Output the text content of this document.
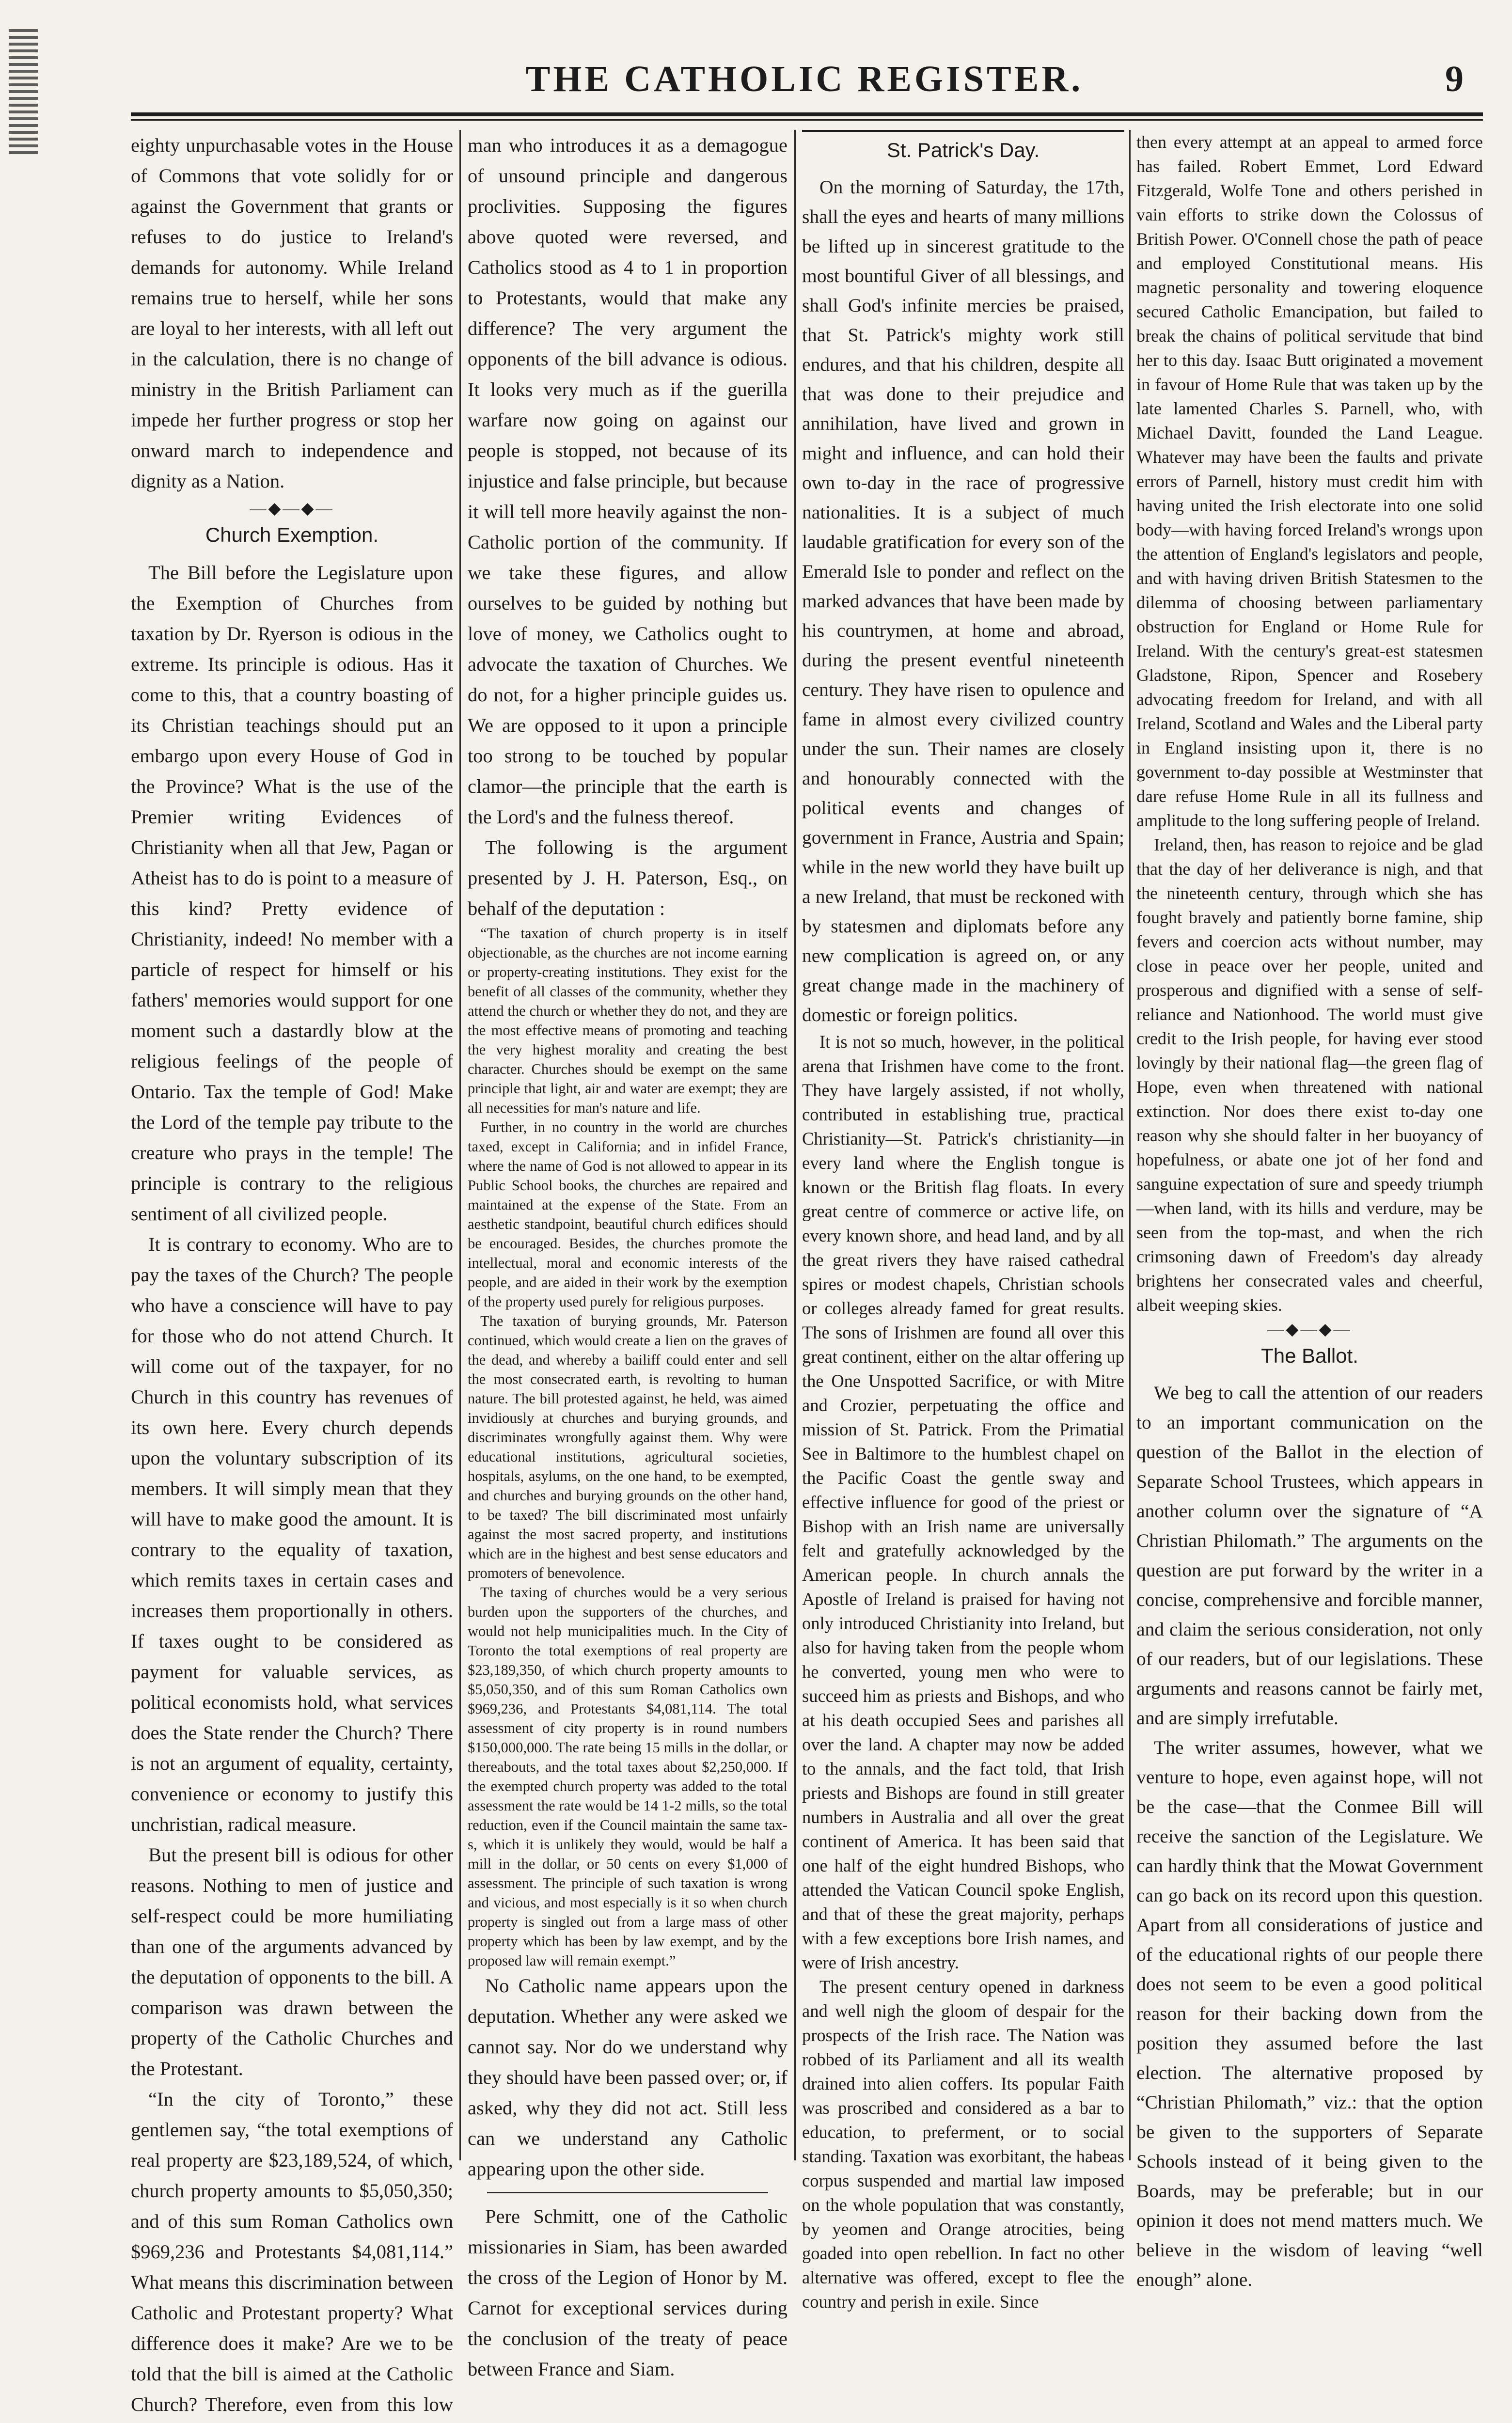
THE CATHOLIC REGISTER.	9

eighty unpurchasable votes in the House of Commons that vote solidly for or against the Government that grants or refuses to do justice to Ireland's demands for autonomy. While Ireland remains true to herself, while her sons are loyal to her interests, with all left out in the calculation, there is no change of ministry in the British Parliament can impede her further progress or stop her onward march to independence and dignity as a Nation.

—◆—◆—
Church Exemption.

The Bill before the Legislature upon the Exemption of Churches from taxation by Dr. Ryerson is odious in the extreme. Its principle is odious. Has it come to this, that a country boasting of its Christian teachings should put an embargo upon every House of God in the Province? What is the use of the Premier writing Evidences of Christianity when all that Jew, Pagan or Atheist has to do is point to a measure of this kind? Pretty evidence of Christianity, indeed! No member with a particle of respect for himself or his fathers' memories would support for one moment such a dastardly blow at the religious feelings of the people of Ontario. Tax the temple of God! Make the Lord of the temple pay tribute to the creature who prays in the temple! The principle is contrary to the religious sentiment of all civilized people.

It is contrary to economy. Who are to pay the taxes of the Church? The people who have a conscience will have to pay for those who do not attend Church. It will come out of the taxpayer, for no Church in this country has revenues of its own here. Every church depends upon the voluntary subscription of its members. It will simply mean that they will have to make good the amount. It is contrary to the equality of taxation, which remits taxes in certain cases and increases them proportionally in others. If taxes ought to be considered as payment for valuable services, as political economists hold, what services does the State render the Church? There is not an argument of equality, certainty, convenience or economy to justify this unchristian, radical measure.

But the present bill is odious for other reasons. Nothing to men of justice and self-respect could be more humiliating than one of the arguments advanced by the deputation of opponents to the bill. A comparison was drawn between the property of the Catholic Churches and the Protestant.

“In the city of Toronto,” these gentlemen say, “the total exemptions of real property are $23,189,524, of which, church property amounts to $5,050,350; and of this sum Roman Catholics own $969,236 and Protestants $4,081,114.” What means this discrimination between Catholic and Protestant property? What difference does it make? Are we to be told that the bill is aimed at the Catholic Church? Therefore, even from this low

man who introduces it as a demagogue of unsound principle and dangerous proclivities. Supposing the figures above quoted were reversed, and Catholics stood as 4 to 1 in proportion to Protestants, would that make any difference? The very argument the opponents of the bill advance is odious. It looks very much as if the guerilla warfare now going on against our people is stopped, not because of its injustice and false principle, but because it will tell more heavily against the non-Catholic portion of the community. If we take these figures, and allow ourselves to be guided by nothing but love of money, we Catholics ought to advocate the taxation of Churches. We do not, for a higher principle guides us. We are opposed to it upon a principle too strong to be touched by popular clamor—the principle that the earth is the Lord's and the fulness thereof.

The following is the argument presented by J. H. Paterson, Esq., on behalf of the deputation :

“The taxation of church property is in itself objectionable, as the churches are not income earning or property-creating institutions. They exist for the benefit of all classes of the community, whether they attend the church or whether they do not, and they are the most effective means of promoting and teaching the very highest morality and creating the best character. Churches should be exempt on the same principle that light, air and water are exempt; they are all necessities for man's nature and life.

Further, in no country in the world are churches taxed, except in California; and in infidel France, where the name of God is not allowed to appear in its Public School books, the churches are repaired and maintained at the expense of the State. From an aesthetic standpoint, beautiful church edifices should be encouraged. Besides, the churches promote the intellectual, moral and economic interests of the people, and are aided in their work by the exemption of the property used purely for religious purposes.

The taxation of burying grounds, Mr. Paterson continued, which would create a lien on the graves of the dead, and whereby a bailiff could enter and sell the most consecrated earth, is revolting to human nature. The bill protested against, he held, was aimed invidiously at churches and burying grounds, and discriminates wrongfully against them. Why were educational institutions, agricultural societies, hospitals, asylums, on the one hand, to be exempted, and churches and burying grounds on the other hand, to be taxed? The bill discriminated most unfairly against the most sacred property, and institutions which are in the highest and best sense educators and promoters of benevolence.

The taxing of churches would be a very serious burden upon the supporters of the churches, and would not help municipalities much. In the City of Toronto the total exemptions of real property are $23,189,350, of which church property amounts to $5,050,350, and of this sum Roman Catholics own $969,236, and Protestants $4,081,114. The total assessment of city property is in round numbers $150,000,000. The rate being 15 mills in the dollar, or thereabouts, and the total taxes about $2,250,000. If the exempted church property was added to the total assessment the rate would be 14 1-2 mills, so the total reduction, even if the Council maintain the same tax-s, which it is unlikely they would, would be half a mill in the dollar, or 50 cents on every $1,000 of assessment. The principle of such taxation is wrong and vicious, and most especially is it so when church property is singled out from a large mass of other property which has been by law exempt, and by the proposed law will remain exempt.”

No Catholic name appears upon the deputation. Whether any were asked we cannot say. Nor do we understand why they should have been passed over; or, if asked, why they did not act. Still less can we understand any Catholic appearing upon the other side.

Pere Schmitt, one of the Catholic missionaries in Siam, has been awarded the cross of the Legion of Honor by M. Carnot for exceptional services during the conclusion of the treaty of peace between France and Siam.

St. Patrick's Day.

On the morning of Saturday, the 17th, shall the eyes and hearts of many millions be lifted up in sincerest gratitude to the most bountiful Giver of all blessings, and shall God's infinite mercies be praised, that St. Patrick's mighty work still endures, and that his children, despite all that was done to their prejudice and annihilation, have lived and grown in might and influence, and can hold their own to-day in the race of progressive nationalities. It is a subject of much laudable gratification for every son of the Emerald Isle to ponder and reflect on the marked advances that have been made by his countrymen, at home and abroad, during the present eventful nineteenth century. They have risen to opulence and fame in almost every civilized country under the sun. Their names are closely and honourably connected with the political events and changes of government in France, Austria and Spain; while in the new world they have built up a new Ireland, that must be reckoned with by statesmen and diplomats before any new complication is agreed on, or any great change made in the machinery of domestic or foreign politics.

It is not so much, however, in the political arena that Irishmen have come to the front. They have largely assisted, if not wholly, contributed in establishing true, practical Christianity—St. Patrick's christianity—in every land where the English tongue is known or the British flag floats. In every great centre of commerce or active life, on every known shore, and head land, and by all the great rivers they have raised cathedral spires or modest chapels, Christian schools or colleges already famed for great results. The sons of Irishmen are found all over this great continent, either on the altar offering up the One Unspotted Sacrifice, or with Mitre and Crozier, perpetuating the office and mission of St. Patrick. From the Primatial See in Baltimore to the humblest chapel on the Pacific Coast the gentle sway and effective influence for good of the priest or Bishop with an Irish name are universally felt and gratefully acknowledged by the American people. In church annals the Apostle of Ireland is praised for having not only introduced Christianity into Ireland, but also for having taken from the people whom he converted, young men who were to succeed him as priests and Bishops, and who at his death occupied Sees and parishes all over the land. A chapter may now be added to the annals, and the fact told, that Irish priests and Bishops are found in still greater numbers in Australia and all over the great continent of America. It has been said that one half of the eight hundred Bishops, who attended the Vatican Council spoke English, and that of these the great majority, perhaps with a few exceptions bore Irish names, and were of Irish ancestry.

The present century opened in darkness and well nigh the gloom of despair for the prospects of the Irish race. The Nation was robbed of its Parliament and all its wealth drained into alien coffers. Its popular Faith was proscribed and considered as a bar to education, to preferment, or to social standing. Taxation was exorbitant, the habeas corpus suspended and martial law imposed on the whole population that was constantly, by yeomen and Orange atrocities, being goaded into open rebellion. In fact no other alternative was offered, except to flee the country and perish in exile. Since

then every attempt at an appeal to armed force has failed. Robert Emmet, Lord Edward Fitzgerald, Wolfe Tone and others perished in vain efforts to strike down the Colossus of British Power. O'Connell chose the path of peace and employed Constitutional means. His magnetic personality and towering eloquence secured Catholic Emancipation, but failed to break the chains of political servitude that bind her to this day. Isaac Butt originated a movement in favour of Home Rule that was taken up by the late lamented Charles S. Parnell, who, with Michael Davitt, founded the Land League. Whatever may have been the faults and private errors of Parnell, history must credit him with having united the Irish electorate into one solid body—with having forced Ireland's wrongs upon the attention of England's legislators and people, and with having driven British Statesmen to the dilemma of choosing between parliamentary obstruction for England or Home Rule for Ireland. With the century's great-est statesmen Gladstone, Ripon, Spencer and Rosebery advocating freedom for Ireland, and with all Ireland, Scotland and Wales and the Liberal party in England insisting upon it, there is no government to-day possible at Westminster that dare refuse Home Rule in all its fullness and amplitude to the long suffering people of Ireland.

Ireland, then, has reason to rejoice and be glad that the day of her deliverance is nigh, and that the nineteenth century, through which she has fought bravely and patiently borne famine, ship fevers and coercion acts without number, may close in peace over her people, united and prosperous and dignified with a sense of self-reliance and Nationhood. The world must give credit to the Irish people, for having ever stood lovingly by their national flag—the green flag of Hope, even when threatened with national extinction. Nor does there exist to-day one reason why she should falter in her buoyancy of hopefulness, or abate one jot of her fond and sanguine expectation of sure and speedy triumph—when land, with its hills and verdure, may be seen from the top-mast, and when the rich crimsoning dawn of Freedom's day already brightens her consecrated vales and cheerful, albeit weeping skies.

—◆—◆—
The Ballot.

We beg to call the attention of our readers to an important communication on the question of the Ballot in the election of Separate School Trustees, which appears in another column over the signature of “A Christian Philomath.” The arguments on the question are put forward by the writer in a concise, comprehensive and forcible manner, and claim the serious consideration, not only of our readers, but of our legislations. These arguments and reasons cannot be fairly met, and are simply irrefutable.

The writer assumes, however, what we venture to hope, even against hope, will not be the case—that the Conmee Bill will receive the sanction of the Legislature. We can hardly think that the Mowat Government can go back on its record upon this question. Apart from all considerations of justice and of the educational rights of our people there does not seem to be even a good political reason for their backing down from the position they assumed before the last election. The alternative proposed by “Christian Philomath,” viz.: that the option be given to the supporters of Separate Schools instead of it being given to the Boards, may be preferable; but in our opinion it does not mend matters much. We believe in the wisdom of leaving “well enough” alone.
